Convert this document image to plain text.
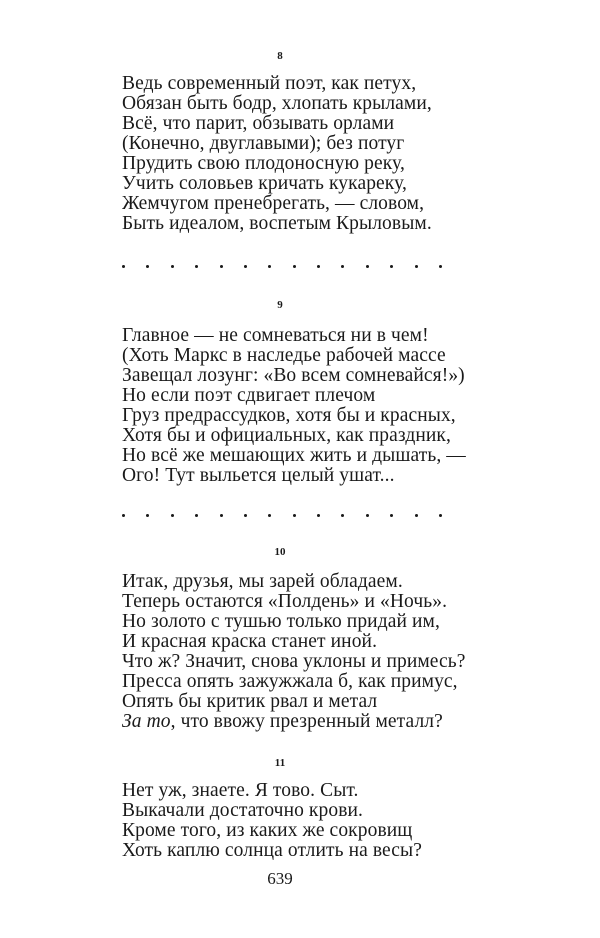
8
Ведь современный поэт, как петух,
Обязан быть бодр, хлопать крылами,
Всё, что парит, обзывать орлами
(Конечно, двуглавыми); без потуг
Прудить свою плодоносную реку,
Учить соловьев кричать кукареку,
Жемчугом пренебрегать, — словом,
Быть идеалом, воспетым Крыловым.
9
Главное — не сомневаться ни в чем!
(Хоть Маркс в наследье рабочей массе
Завещал лозунг: «Во всем сомневайся!»)
Но если поэт сдвигает плечом
Груз предрассудков, хотя бы и красных,
Хотя бы и официальных, как праздник,
Но всё же мешающих жить и дышать, —
Ого! Тут выльется целый ушат...
10
Итак, друзья, мы зарей обладаем.
Теперь остаются «Полдень» и «Ночь».
Но золото с тушью только придай им,
И красная краска станет иной.
Что ж? Значит, снова уклоны и примесь?
Пресса опять зажужжала б, как примус,
Опять бы критик рвал и метал
За то, что ввожу презренный металл?
11
Нет уж, знаете. Я тово. Сыт.
Выкачали достаточно крови.
Кроме того, из каких же сокровищ
Хоть каплю солнца отлить на весы?
639
